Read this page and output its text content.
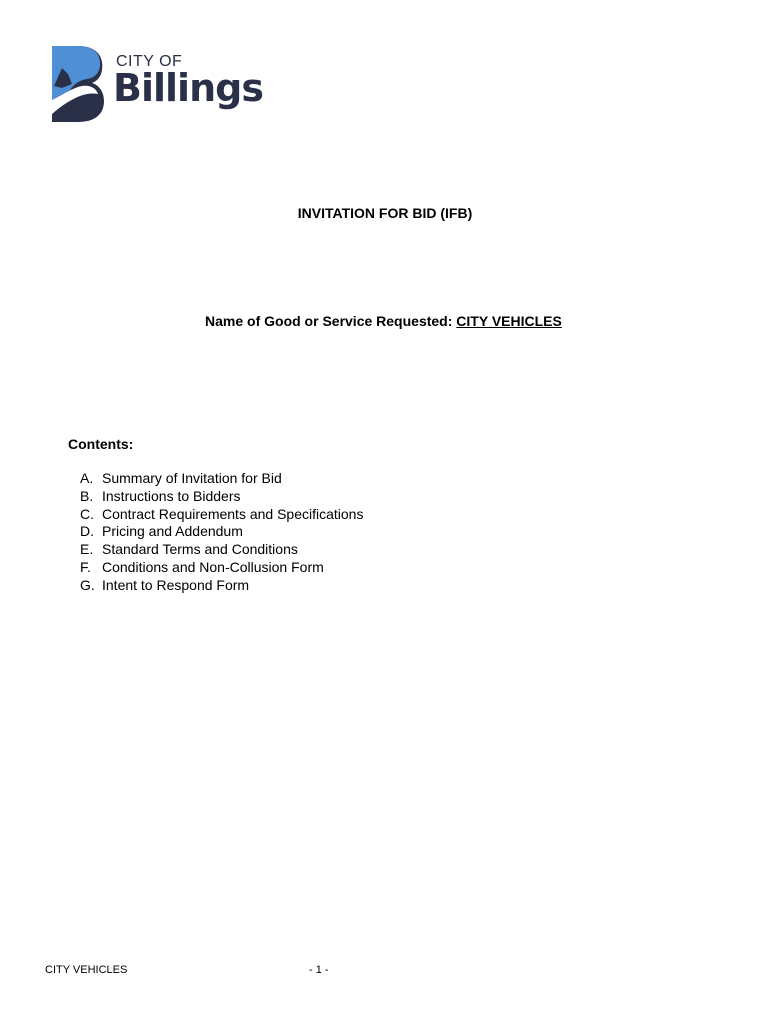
CITY OF
Billings
INVITATION FOR BID (IFB)
Name of Good or Service Requested: CITY VEHICLES
Contents:
A. Summary of Invitation for Bid
B. Instructions to Bidders
C. Contract Requirements and Specifications
D. Pricing and Addendum
E. Standard Terms and Conditions
F. Conditions and Non-Collusion Form
G. Intent to Respond Form
CITY VEHICLES	- 1 -
